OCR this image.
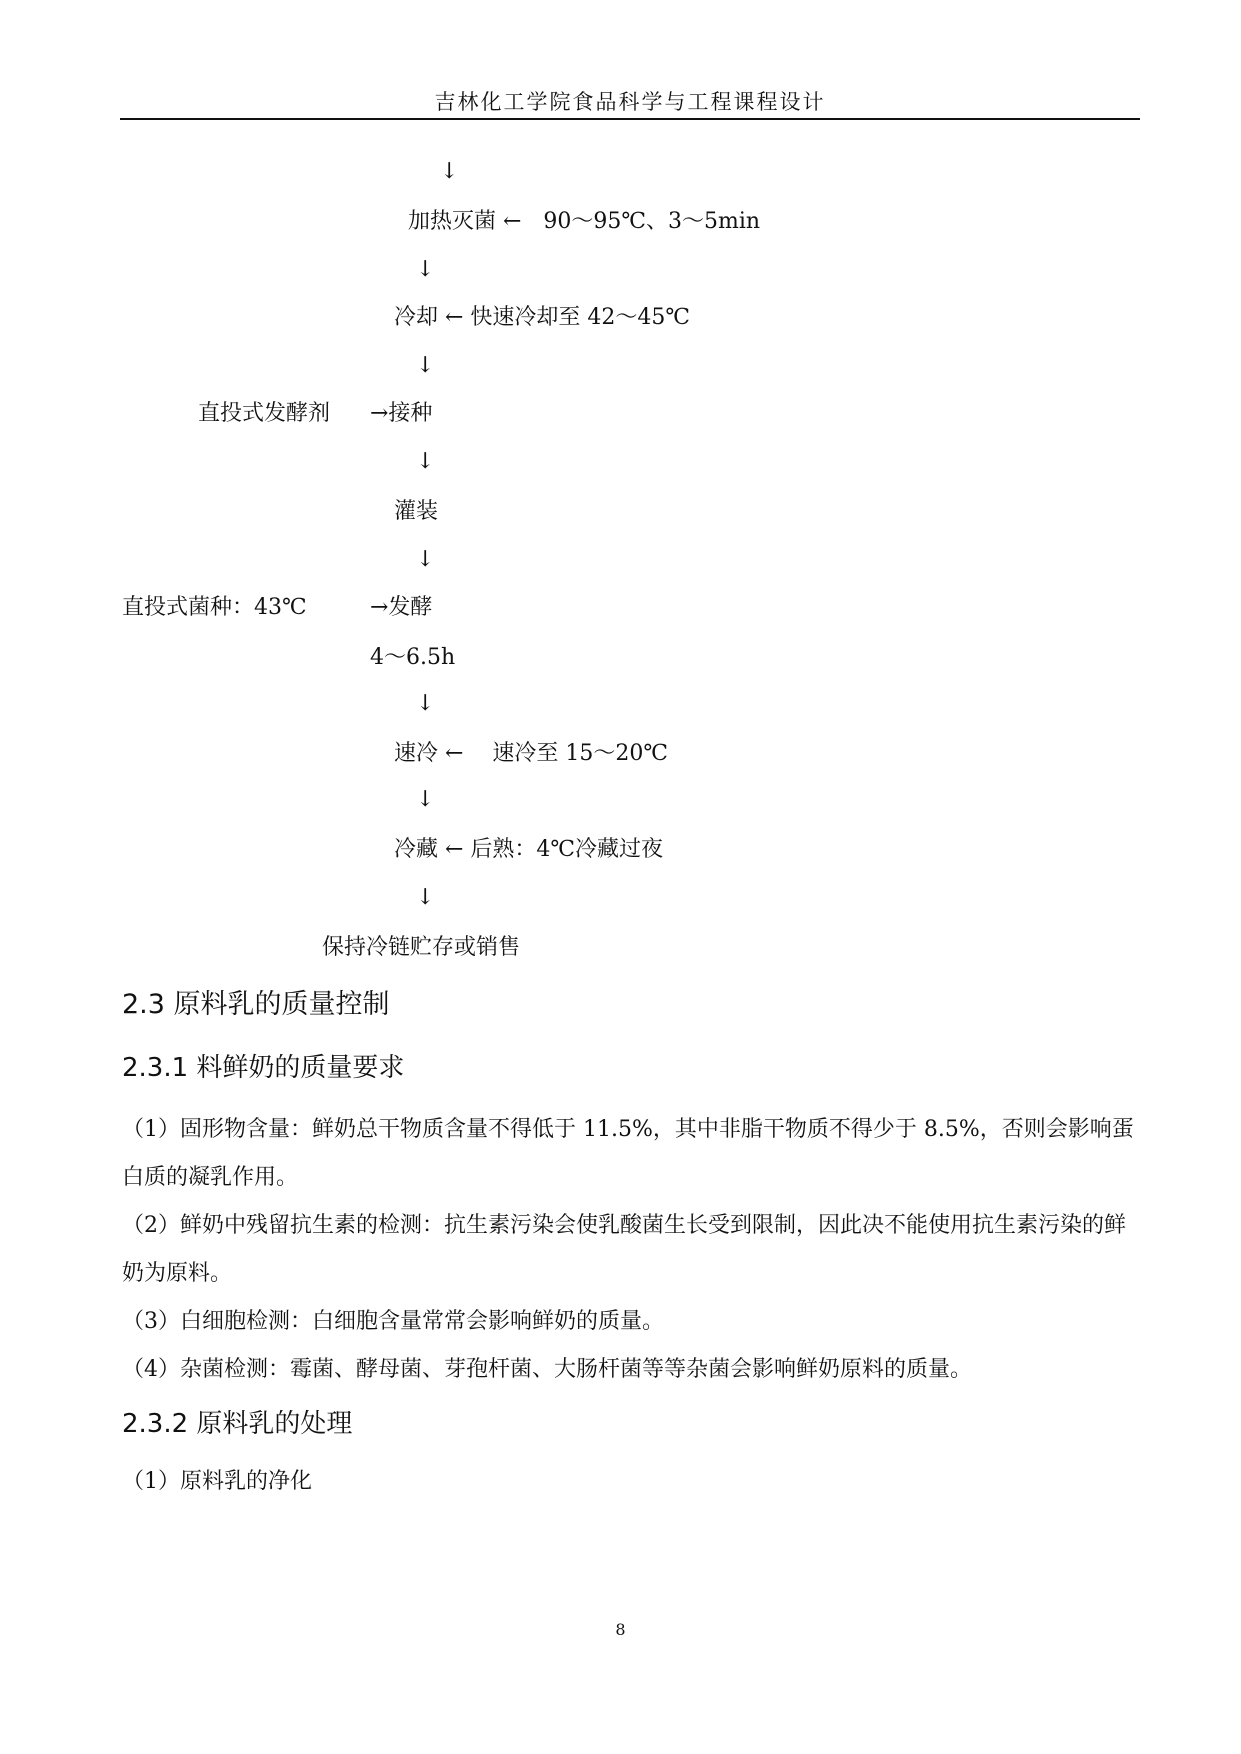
吉林化工学院食品科学与工程课程设计
↓
加热灭菌 ←　90～95℃、3～5min
↓
冷却 ← 快速冷却至 42～45℃
↓
直投式发酵剂 →接种
↓
灌装
↓
直投式菌种：43℃	→发酵
4～6.5h
↓
速冷 ←　 速冷至 15～20℃
↓
冷藏 ← 后熟：4℃冷藏过夜
↓
保持冷链贮存或销售
2.3 原料乳的质量控制
2.3.1 料鲜奶的质量要求
（1）固形物含量：鲜奶总干物质含量不得低于 11.5%，其中非脂干物质不得少于 8.5%，否则会影响蛋白质的凝乳作用。
（2）鲜奶中残留抗生素的检测：抗生素污染会使乳酸菌生长受到限制，因此决不能使用抗生素污染的鲜奶为原料。
（3）白细胞检测：白细胞含量常常会影响鲜奶的质量。
（4）杂菌检测：霉菌、酵母菌、芽孢杆菌、大肠杆菌等等杂菌会影响鲜奶原料的质量。
2.3.2 原料乳的处理
（1）原料乳的净化
8
